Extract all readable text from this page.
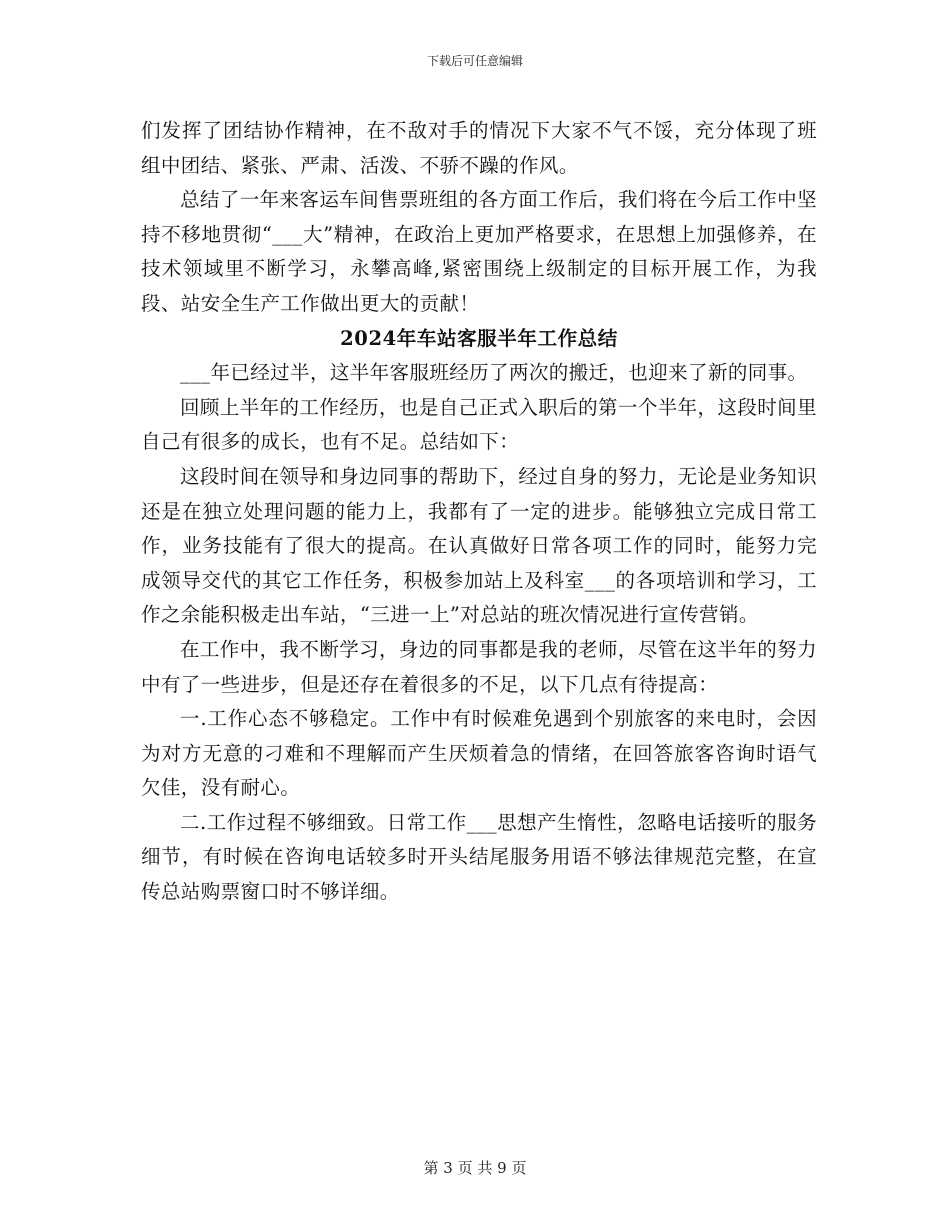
下载后可任意编辑

们发挥了团结协作精神，在不敌对手的情况下大家不气不馁，充分体现了班组中团结、紧张、严肃、活泼、不骄不躁的作风。

总结了一年来客运车间售票班组的各方面工作后，我们将在今后工作中坚持不移地贯彻“___大”精神，在政治上更加严格要求，在思想上加强修养，在技术领域里不断学习，永攀高峰,紧密围绕上级制定的目标开展工作，为我段、站安全生产工作做出更大的贡献！

2024年车站客服半年工作总结

___年已经过半，这半年客服班经历了两次的搬迁，也迎来了新的同事。

回顾上半年的工作经历，也是自己正式入职后的第一个半年，这段时间里自己有很多的成长，也有不足。总结如下：

这段时间在领导和身边同事的帮助下，经过自身的努力，无论是业务知识还是在独立处理问题的能力上，我都有了一定的进步。能够独立完成日常工作，业务技能有了很大的提高。在认真做好日常各项工作的同时，能努力完成领导交代的其它工作任务，积极参加站上及科室___的各项培训和学习，工作之余能积极走出车站，“三进一上”对总站的班次情况进行宣传营销。

在工作中，我不断学习，身边的同事都是我的老师，尽管在这半年的努力中有了一些进步，但是还存在着很多的不足，以下几点有待提高：

一.工作心态不够稳定。工作中有时候难免遇到个别旅客的来电时，会因为对方无意的刁难和不理解而产生厌烦着急的情绪，在回答旅客咨询时语气欠佳，没有耐心。

二.工作过程不够细致。日常工作___思想产生惰性，忽略电话接听的服务细节，有时候在咨询电话较多时开头结尾服务用语不够法律规范完整，在宣传总站购票窗口时不够详细。

第 3 页 共 9 页
